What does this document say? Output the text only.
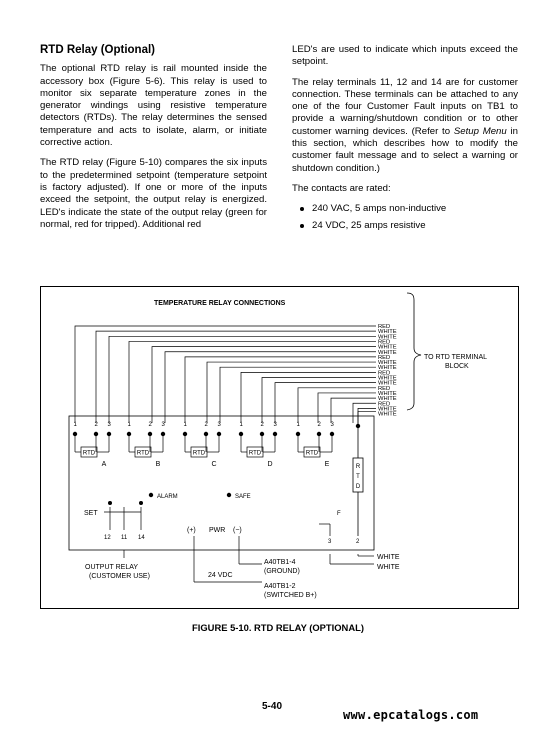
RTD Relay (Optional)

The optional RTD relay is rail mounted inside the accessory box (Figure 5-6). This relay is used to monitor six separate temperature zones in the generator windings using resistive temperature detectors (RTDs). The relay determines the sensed temperature and acts to isolate, alarm, or initiate corrective action.

The RTD relay (Figure 5-10) compares the six inputs to the predetermined setpoint (temperature setpoint is factory adjusted). If one or more of the inputs exceed the setpoint, the output relay is energized. LED's indicate the state of the output relay (green for normal, red for tripped). Additional red

LED's are used to indicate which inputs exceed the setpoint.

The relay terminals 11, 12 and 14 are for customer connection. These terminals can be attached to any one of the four Customer Fault inputs on TB1 to provide a warning/shutdown condition or to other customer warning devices. (Refer to Setup Menu in this section, which describes how to modify the customer fault message and to select a warning or shutdown condition.)

The contacts are rated:

240 VAC, 5 amps non-inductive
24 VDC, 25 amps resistive
TEMPERATURE RELAY CONNECTIONS
RED
WHITE
WHITE
RED
WHITE
WHITE
RED
WHITE
WHITE
RED
WHITE
WHITE
RED
WHITE
WHITE
RED
WHITE
WHITE
TO RTD TERMINAL
BLOCK
1	2 3
RTD
A
1	2 3
RTD
B
1	2 3
RTD
C
1	2 3
RTD
D
1	2 3
RTD
E	R
T
D
ALARM	SAFE
SET
12 11 14
OUTPUT RELAY
(CUSTOMER USE)
(+) PWR (−)
24 VDC
A40TB1-4
(GROUND)
A40TB1-2
(SWITCHED B+)
F
3	2
WHITE
WHITE
FIGURE 5-10. RTD RELAY (OPTIONAL)
5-40
www.epcatalogs.com
